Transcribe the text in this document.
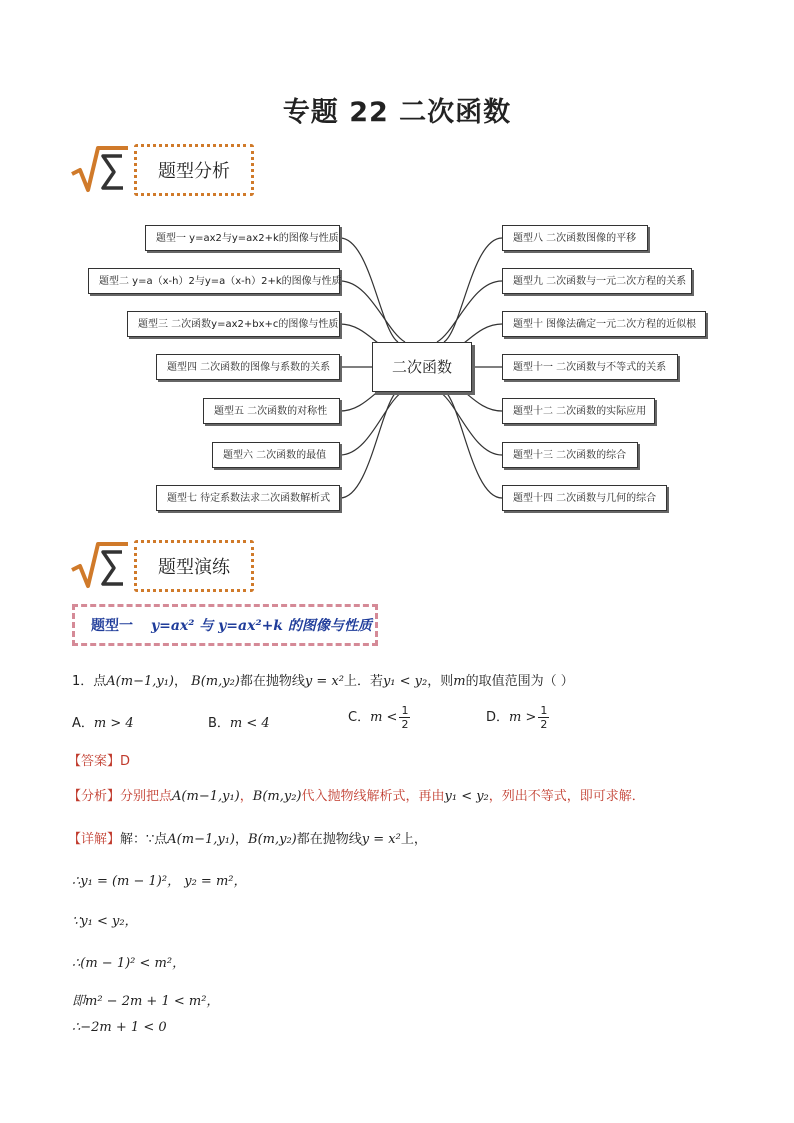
专题 22 二次函数
题型分析
二次函数
题型一 y=ax2与y=ax2+k的图像与性质
题型二 y=a（x-h）2与y=a（x-h）2+k的图像与性质
题型三 二次函数y=ax2+bx+c的图像与性质
题型四 二次函数的图像与系数的关系
题型五 二次函数的对称性
题型六 二次函数的最值
题型七 待定系数法求二次函数解析式
题型八 二次函数图像的平移
题型九 二次函数与一元二次方程的关系
题型十 图像法确定一元二次方程的近似根
题型十一 二次函数与不等式的关系
题型十二 二次函数的实际应用
题型十三 二次函数的综合
题型十四 二次函数与几何的综合
题型演练
题型一 y=ax² 与 y=ax²+k 的图像与性质
1．点A(m−1,y₁)， B(m,y₂)都在抛物线y = x²上．若y₁ < y₂，则m的取值范围为（ ）
A．m > 4	B．m < 4	C．$m < \frac{1}{2}$	D．$m > \frac{1}{2}$
【答案】D
【分析】分别把点A(m−1,y₁)，B(m,y₂)代入抛物线解析式，再由y₁ < y₂，列出不等式，即可求解．
【详解】解：∵点A(m−1,y₁)，B(m,y₂)都在抛物线y = x²上，
∴y₁ = (m − 1)²， y₂ = m²，
∵y₁ < y₂，
∴(m − 1)² < m²，
即m² − 2m + 1 < m²，
∴−2m + 1 < 0
